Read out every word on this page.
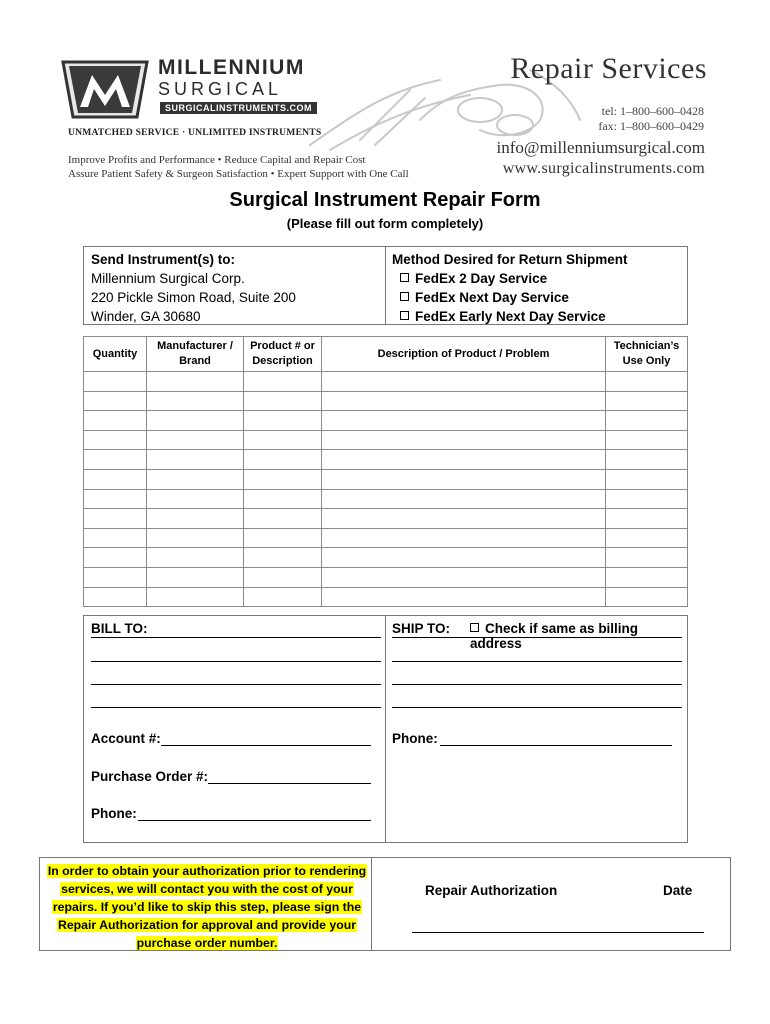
MILLENNIUM
SURGICAL
SURGICALINSTRUMENTS.COM
UNMATCHED SERVICE · UNLIMITED INSTRUMENTS
Improve Profits and Performance • Reduce Capital and Repair Cost
Assure Patient Safety & Surgeon Satisfaction • Expert Support with One Call
Repair Services
tel: 1–800–600–0428
fax: 1–800–600–0429
info@millenniumsurgical.com
www.surgicalinstruments.com
Surgical Instrument Repair Form
(Please fill out form completely)
Send Instrument(s) to:
Millennium Surgical Corp.
220 Pickle Simon Road, Suite 200
Winder, GA 30680
Method Desired for Return Shipment
FedEx 2 Day Service
FedEx Next Day Service
FedEx Early Next Day Service
Quantity	Manufacturer / Brand	Product # or Description	Description of Product / Problem	Technician’s Use Only

BILL TO:
Account #:
Purchase Order #:
Phone:
SHIP TO:	Check if same as billing address
Phone:
In order to obtain your authorization prior to rendering services, we will contact you with the cost of your repairs. If you’d like to skip this step, please sign the Repair Authorization for approval and provide your purchase order number.
Repair Authorization	Date
